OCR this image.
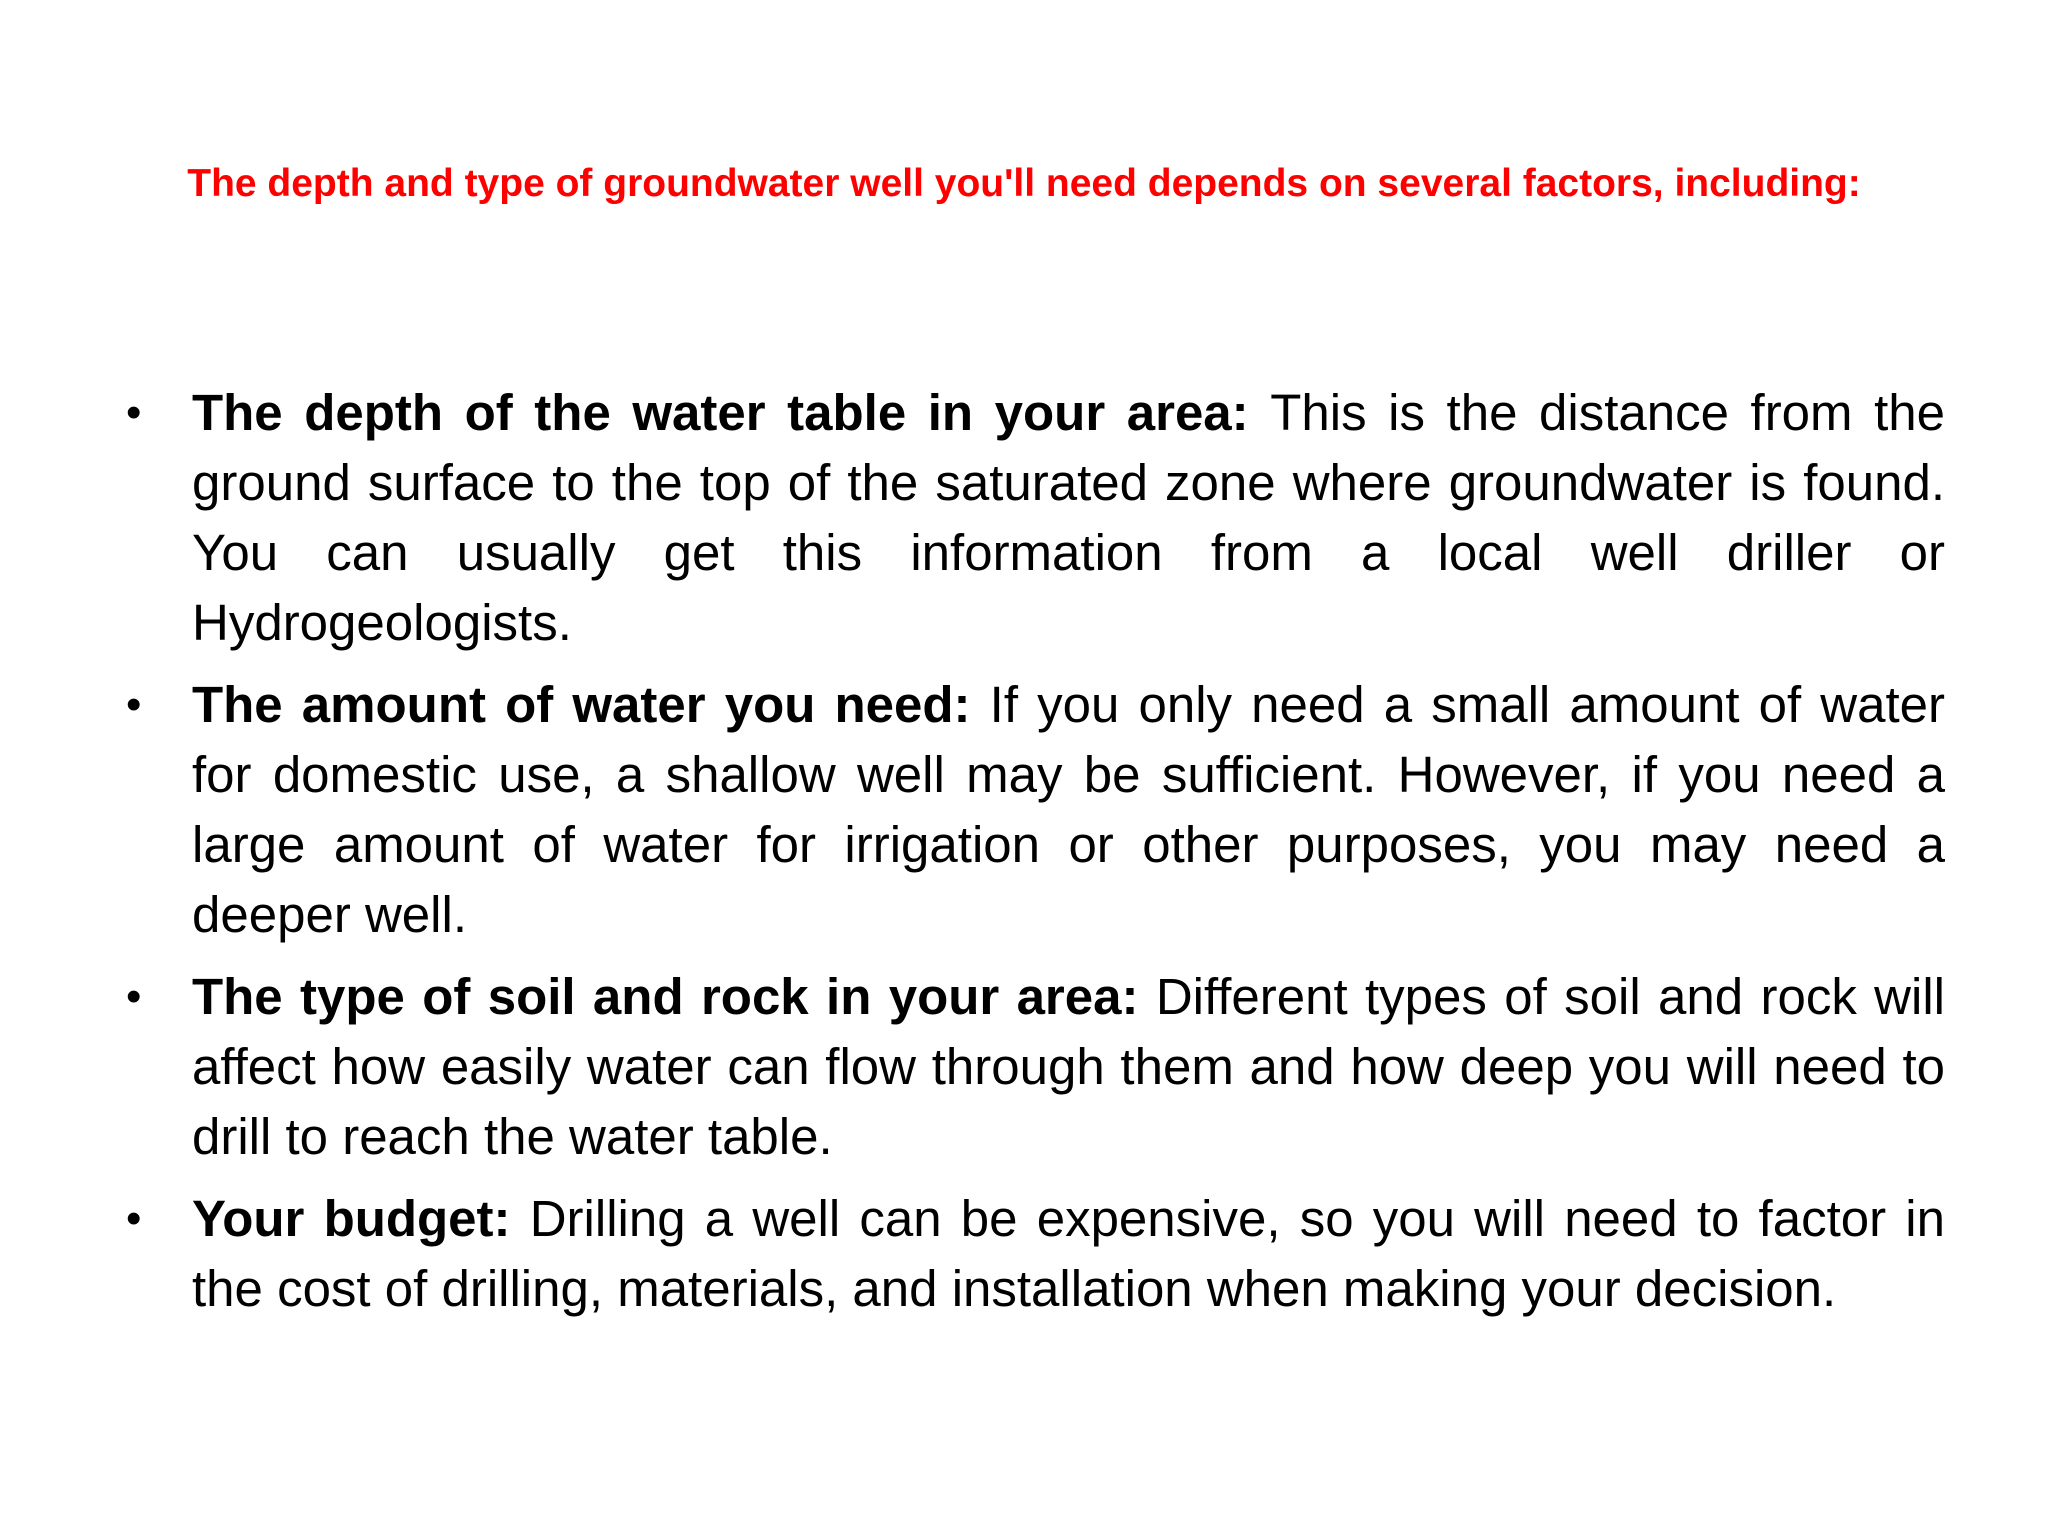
The depth and type of groundwater well you'll need depends on several factors, including:
• The depth of the water table in your area: This is the distance from the ground surface to the top of the saturated zone where groundwater is found. You can usually get this information from a local well driller or Hydrogeologists.
• The amount of water you need: If you only need a small amount of water for domestic use, a shallow well may be sufficient. However, if you need a large amount of water for irrigation or other purposes, you may need a deeper well.
• The type of soil and rock in your area: Different types of soil and rock will affect how easily water can flow through them and how deep you will need to drill to reach the water table.
• Your budget: Drilling a well can be expensive, so you will need to factor in the cost of drilling, materials, and installation when making your decision.
